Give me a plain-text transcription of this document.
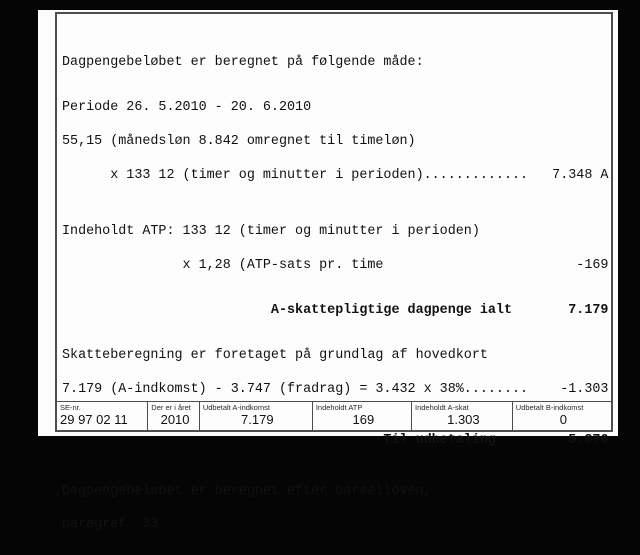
Dagpengebeløbet er beregnet på følgende måde:

Periode 26. 5.2010 - 20. 6.2010

55,15 (månedsløn 8.842 omregnet til timeløn)

x 133 12 (timer og minutter i perioden).............   7.348 A

Indeholdt ATP: 133 12 (timer og minutter i perioden)

x 1,28 (ATP-sats pr. time                        -169

A-skattepligtige dagpenge ialt       7.179

Skatteberegning er foretaget på grundlag af hovedkort

7.179 (A-indkomst) - 3.747 (fradrag) = 3.432 x 38%........    -1.303

Til udbetaling         5.876

Dagpengebeløbet er beregnet efter barselloven,

paragraf  33

SE-nr.
29 97 02 11
Der er i året
2010
Udbetalt A-indkomst
7.179
Indeholdt ATP
169
Indeholdt A-skat
1.303
Udbetalt B-indkomst
0
